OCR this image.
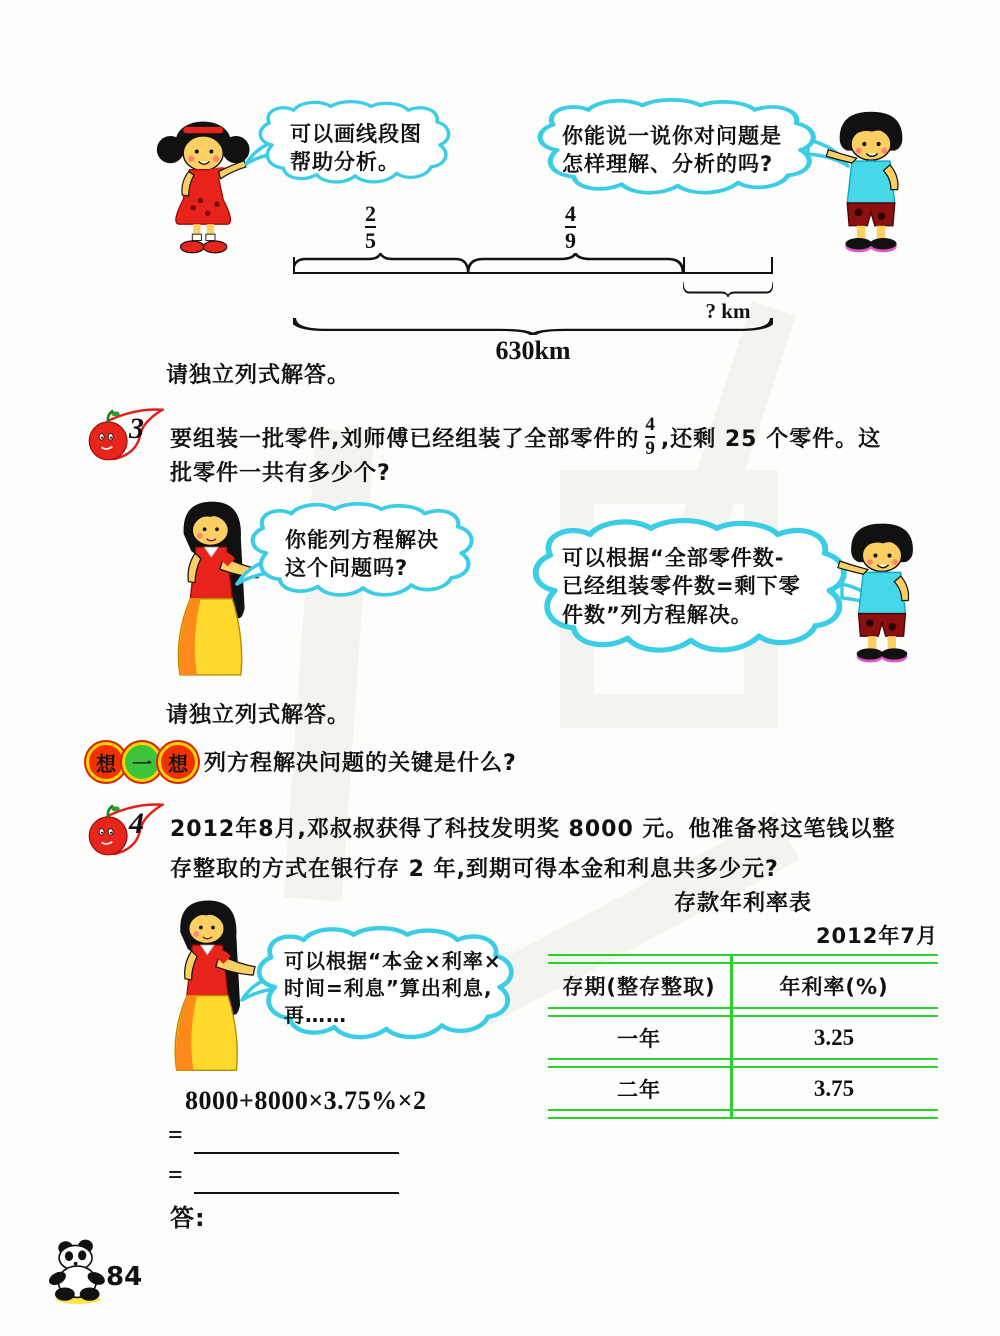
可以画线段图
帮助分析。
你能说一说你对问题是
怎样理解、分析的吗?
2
5
4
9
? km
630km
请独立列式解答。
3 要组装一批零件,刘师傅已经组装了全部零件的 $\frac{4}{9}$ ,还剩 25 个零件。这
批零件一共有多少个?
你能列方程解决
这个问题吗?	可以根据“全部零件数-
已经组装零件数=剩下零
件数”列方程解决。
请独立列式解答。
想 一 想 列方程解决问题的关键是什么?
4 2012年8月,邓叔叔获得了科技发明奖 8000 元。他准备将这笔钱以整
存整取的方式在银行存 2 年,到期可得本金和利息共多少元?
存款年利率表
2012年7月
存期(整存整取)	年利率(%)
一年	3.25
二年	3.75
可以根据“本金×利率×
时间=利息”算出利息,
再……
8000+8000×3.75%×2
=
=
答:
84
